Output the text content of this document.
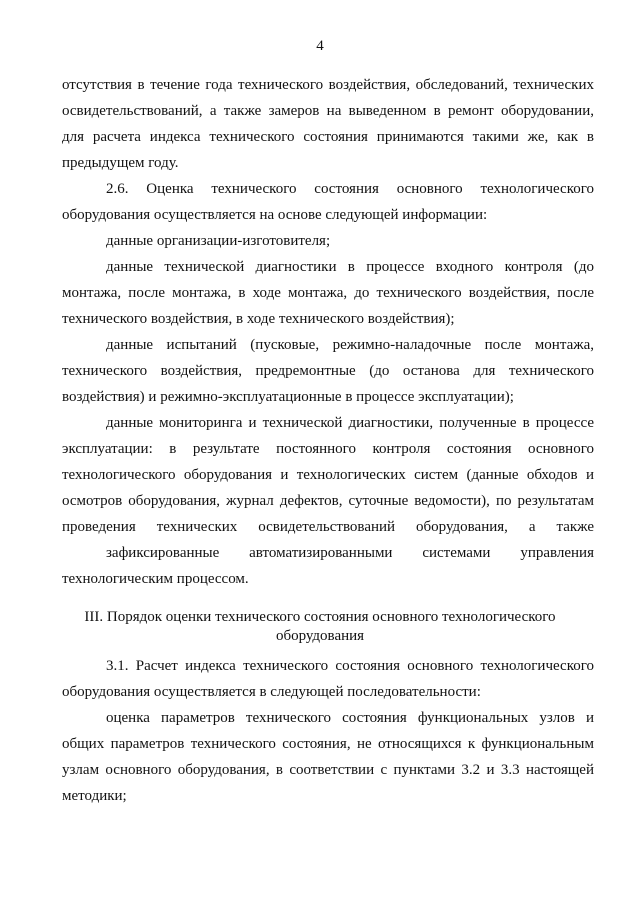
4
отсутствия в течение года технического воздействия, обследований, технических
освидетельствований, а также замеров на выведенном в ремонт оборудовании,
для расчета индекса технического состояния принимаются такими же, как в
предыдущем году.
2.6. Оценка технического состояния основного технологического
оборудования осуществляется на основе следующей информации:
данные организации-изготовителя;
данные технической диагностики в процессе входного контроля (до
монтажа, после монтажа, в ходе монтажа, до технического воздействия, после
технического воздействия, в ходе технического воздействия);
данные испытаний (пусковые, режимно-наладочные после монтажа,
технического воздействия, предремонтные (до останова для технического
воздействия) и режимно-эксплуатационные в процессе эксплуатации);
данные мониторинга и технической диагностики, полученные в процессе
эксплуатации: в результате постоянного контроля состояния основного
технологического оборудования и технологических систем (данные обходов и
осмотров оборудования, журнал дефектов, суточные ведомости), по результатам
проведения технических освидетельствований оборудования, а также
зафиксированные автоматизированными системами управления
технологическим процессом.
III. Порядок оценки технического состояния основного технологического
оборудования
3.1. Расчет индекса технического состояния основного технологического
оборудования осуществляется в следующей последовательности:
оценка параметров технического состояния функциональных узлов и
общих параметров технического состояния, не относящихся к функциональным
узлам основного оборудования, в соответствии с пунктами 3.2 и 3.3 настоящей
методики;
